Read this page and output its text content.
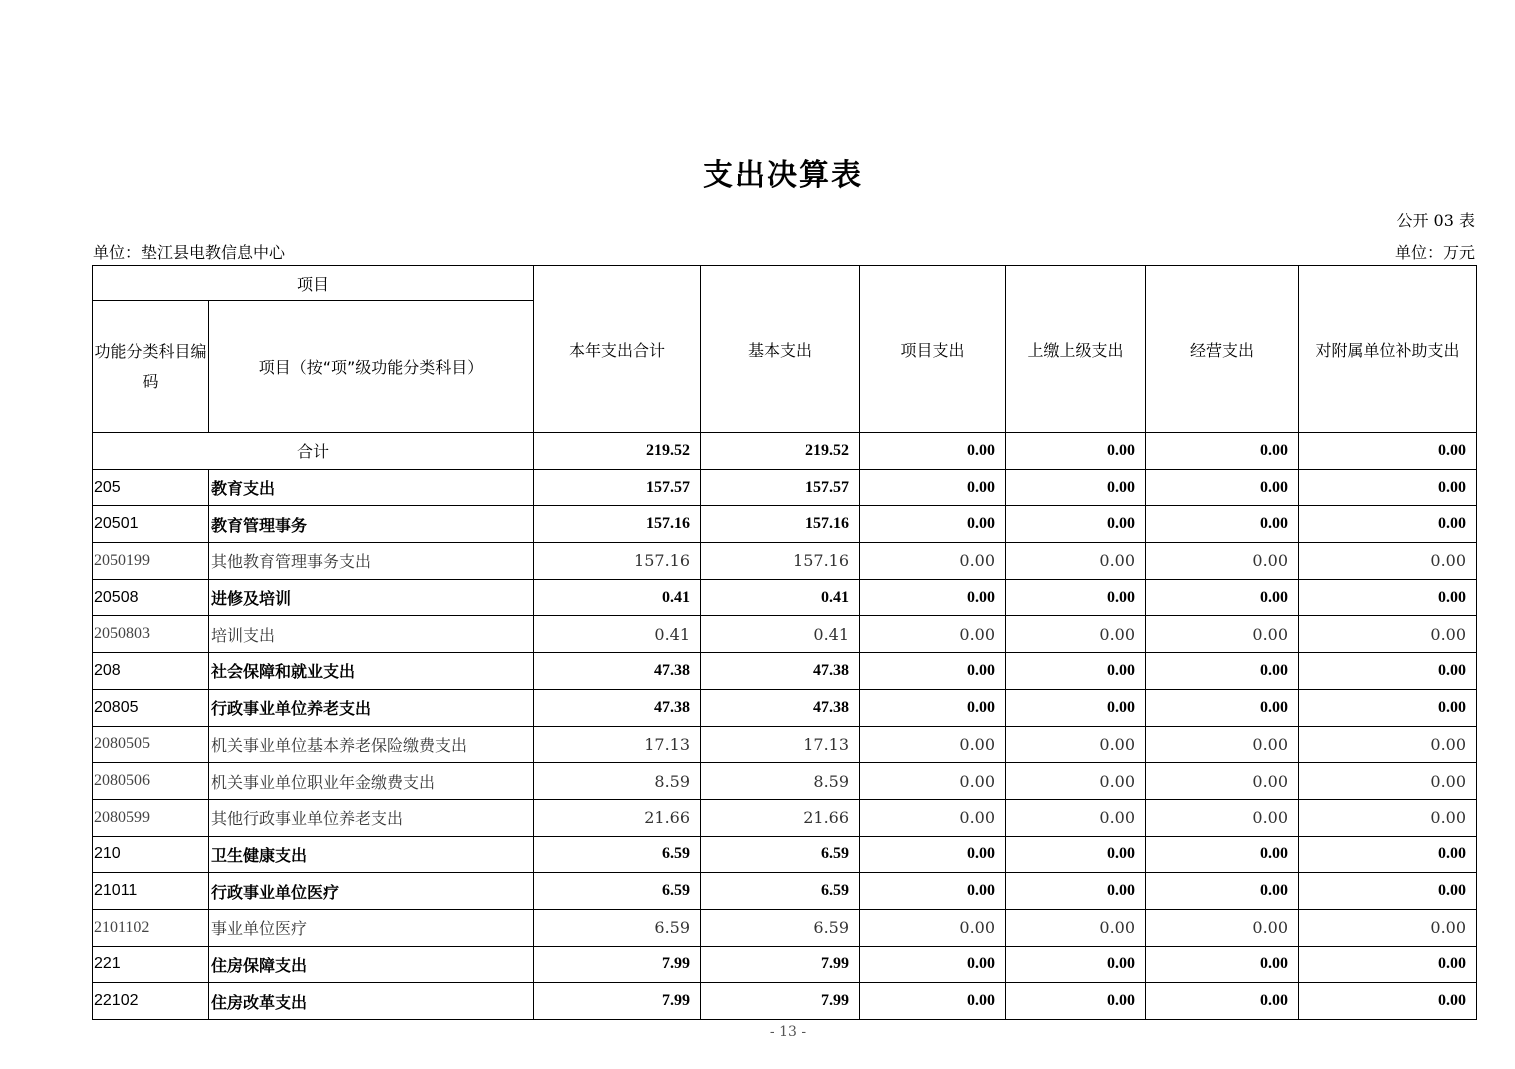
支出决算表
公开 03 表
单位：垫江县电教信息中心	单位：万元
项目		本年支出合计	基本支出	项目支出	上缴上级支出	经营支出	对附属单位补助支出
功能分类科目编码	项目（按“项”级功能分类科目）						
合计		219.52	219.52	0.00	0.00	0.00	0.00
205	教育支出	157.57	157.57	0.00	0.00	0.00	0.00
20501	教育管理事务	157.16	157.16	0.00	0.00	0.00	0.00
2050199	其他教育管理事务支出	157.16	157.16	0.00	0.00	0.00	0.00
20508	进修及培训	0.41	0.41	0.00	0.00	0.00	0.00
2050803	培训支出	0.41	0.41	0.00	0.00	0.00	0.00
208	社会保障和就业支出	47.38	47.38	0.00	0.00	0.00	0.00
20805	行政事业单位养老支出	47.38	47.38	0.00	0.00	0.00	0.00
2080505	机关事业单位基本养老保险缴费支出	17.13	17.13	0.00	0.00	0.00	0.00
2080506	机关事业单位职业年金缴费支出	8.59	8.59	0.00	0.00	0.00	0.00
2080599	其他行政事业单位养老支出	21.66	21.66	0.00	0.00	0.00	0.00
210	卫生健康支出	6.59	6.59	0.00	0.00	0.00	0.00
21011	行政事业单位医疗	6.59	6.59	0.00	0.00	0.00	0.00
2101102	事业单位医疗	6.59	6.59	0.00	0.00	0.00	0.00
221	住房保障支出	7.99	7.99	0.00	0.00	0.00	0.00
22102	住房改革支出	7.99	7.99	0.00	0.00	0.00	0.00
- 13 -
